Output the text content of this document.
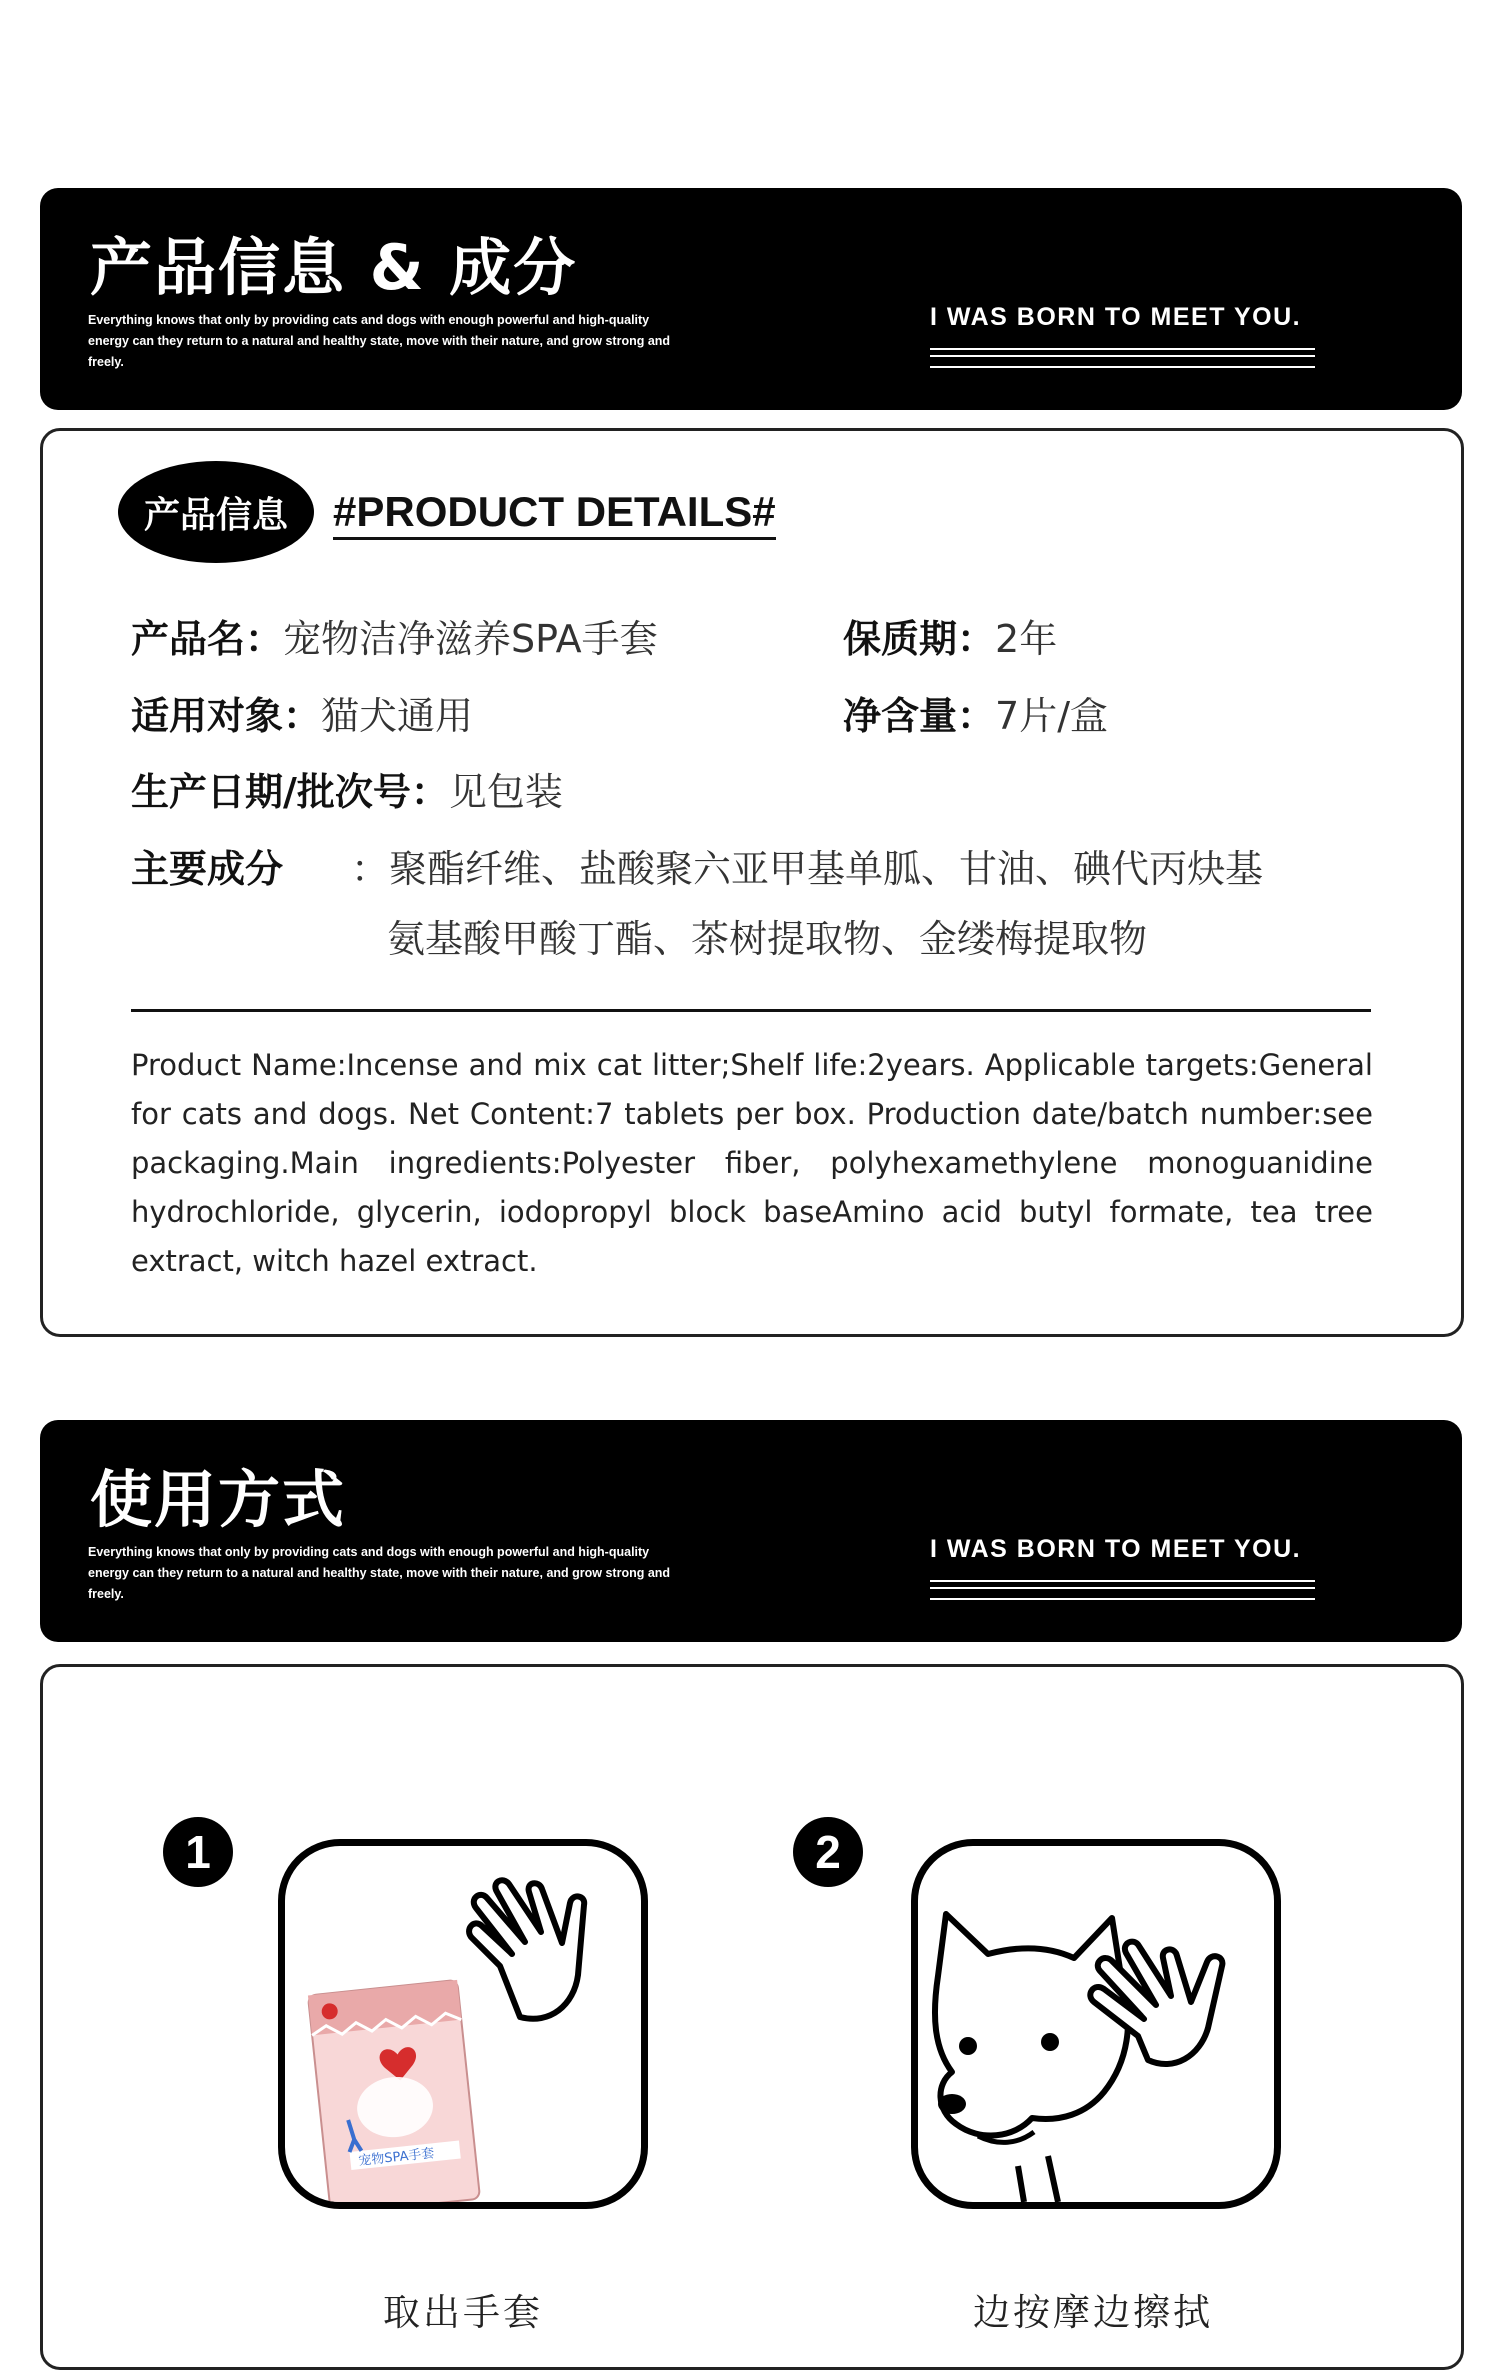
产品信息 & 成分
Everything knows that only by providing cats and dogs with enough powerful and high-quality energy can they return to a natural and healthy state, move with their nature, and grow strong and freely.
I WAS BORN TO MEET YOU.
产品信息	#PRODUCT DETAILS#
产品名：宠物洁净滋养SPA手套	保质期：2年
适用对象：猫犬通用	净含量：7片/盒
生产日期/批次号：见包装
主要成分 ：聚酯纤维、盐酸聚六亚甲基单胍、甘油、碘代丙炔基
氨基酸甲酸丁酯、茶树提取物、金缕梅提取物
Product Name:Incense and mix cat litter;Shelf life:2years. Applicable targets:General for cats and dogs. Net Content:7 tablets per box. Production date/batch number:see packaging.Main ingredients:Polyester fiber, polyhexamethylene monoguanidine hydrochloride, glycerin, iodopropyl block baseAmino acid butyl formate, tea tree extract, witch hazel extract.
使用方式
Everything knows that only by providing cats and dogs with enough powerful and high-quality energy can they return to a natural and healthy state, move with their nature, and grow strong and freely.
I WAS BORN TO MEET YOU.
1
宠物SPA手套
取出手套
2
边按摩边擦拭
